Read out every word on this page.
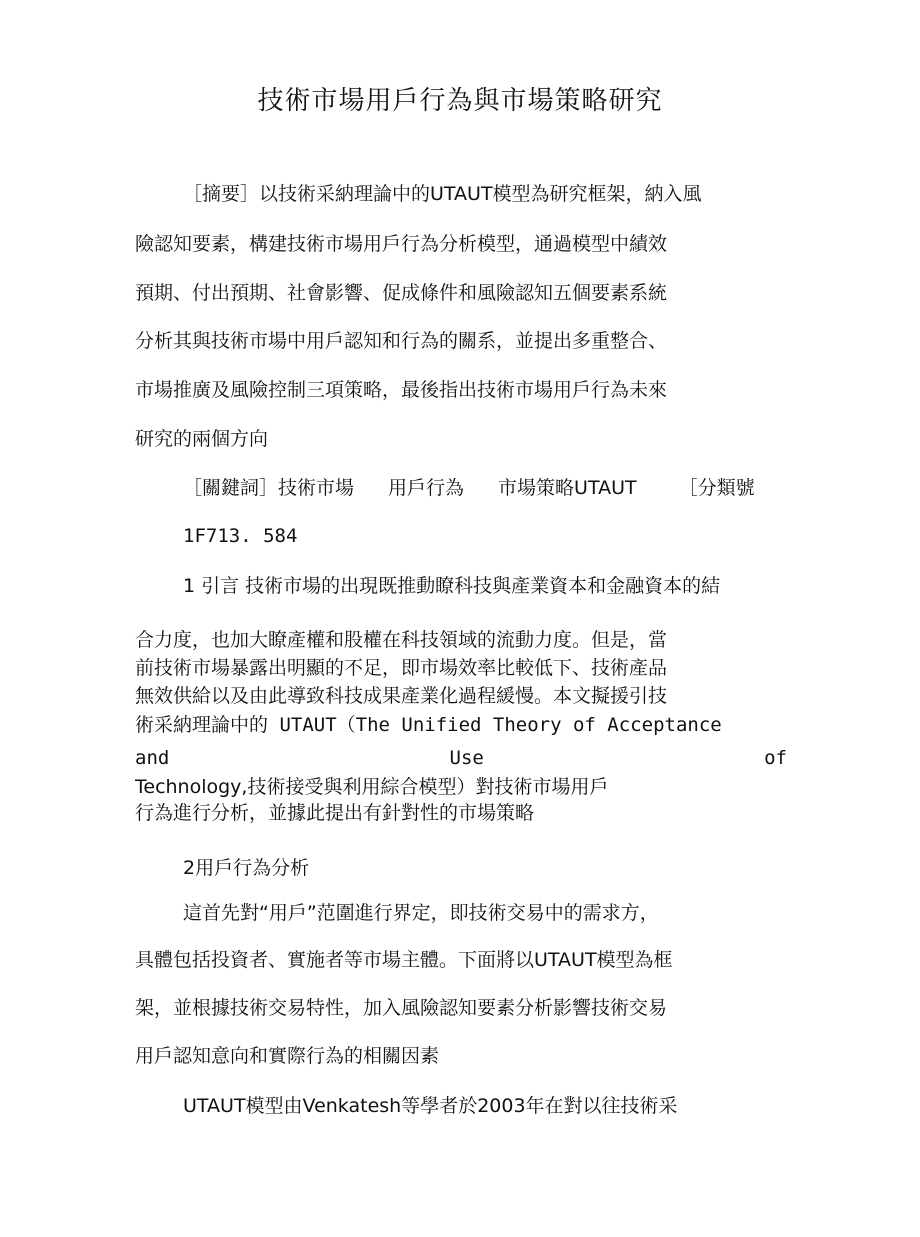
技術市場用戶行為與市場策略研究
［摘要］以技術采納理論中的UTAUT模型為研究框架，納入風
險認知要素，構建技術市場用戶行為分析模型，通過模型中績效
預期、付出預期、社會影響、促成條件和風險認知五個要素系統
分析其與技術市場中用戶認知和行為的關系，並提出多重整合、
市場推廣及風險控制三項策略，最後指出技術市場用戶行為未來
研究的兩個方向
［關鍵詞］技術市場 用戶行為 市場策略UTAUT ［分類號
1F713. 584
1 引言 技術市場的出現既推動瞭科技與產業資本和金融資本的結
合力度，也加大瞭產權和股權在科技領域的流動力度。但是，當
前技術市場暴露出明顯的不足，即市場效率比較低下、技術產品
無效供給以及由此導致科技成果產業化過程緩慢。本文擬援引技
術采納理論中的 UTAUT（The Unified Theory of Acceptance
and	Use	of
Technology,技術接受與利用綜合模型）對技術市場用戶
行為進行分析，並據此提出有針對性的市場策略
2用戶行為分析
這首先對“用戶”范圍進行界定，即技術交易中的需求方，
具體包括投資者、實施者等市場主體。下面將以UTAUT模型為框
架，並根據技術交易特性，加入風險認知要素分析影響技術交易
用戶認知意向和實際行為的相關因素
UTAUT模型由Venkatesh等學者於2003年在對以往技術采
